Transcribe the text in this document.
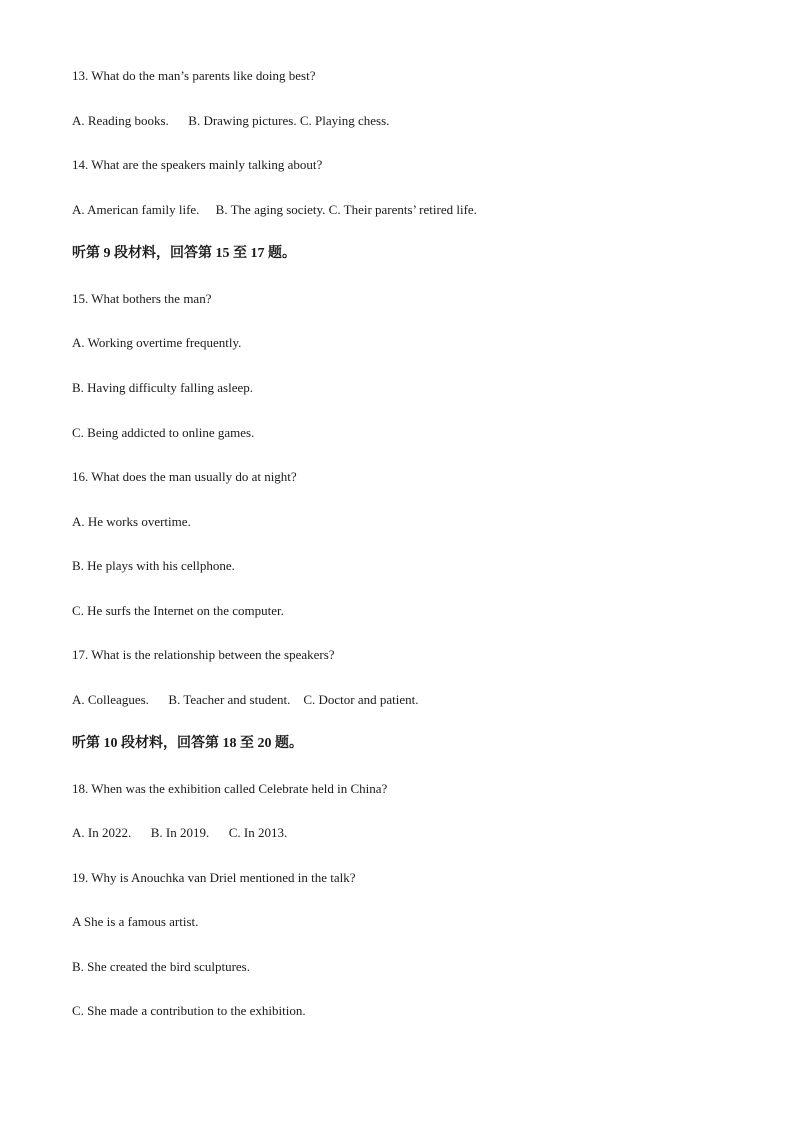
13. What do the man’s parents like doing best?
A. Reading books.      B. Drawing pictures. C. Playing chess.
14. What are the speakers mainly talking about?
A. American family life.     B. The aging society. C. Their parents’ retired life.
听第 9 段材料，回答第 15 至 17 题。
15. What bothers the man?
A. Working overtime frequently.
B. Having difficulty falling asleep.
C. Being addicted to online games.
16. What does the man usually do at night?
A. He works overtime.
B. He plays with his cellphone.
C. He surfs the Internet on the computer.
17. What is the relationship between the speakers?
A. Colleagues.      B. Teacher and student.    C. Doctor and patient.
听第 10 段材料，回答第 18 至 20 题。
18. When was the exhibition called Celebrate held in China?
A. In 2022.      B. In 2019.      C. In 2013.
19. Why is Anouchka van Driel mentioned in the talk?
A She is a famous artist.
B. She created the bird sculptures.
C. She made a contribution to the exhibition.
